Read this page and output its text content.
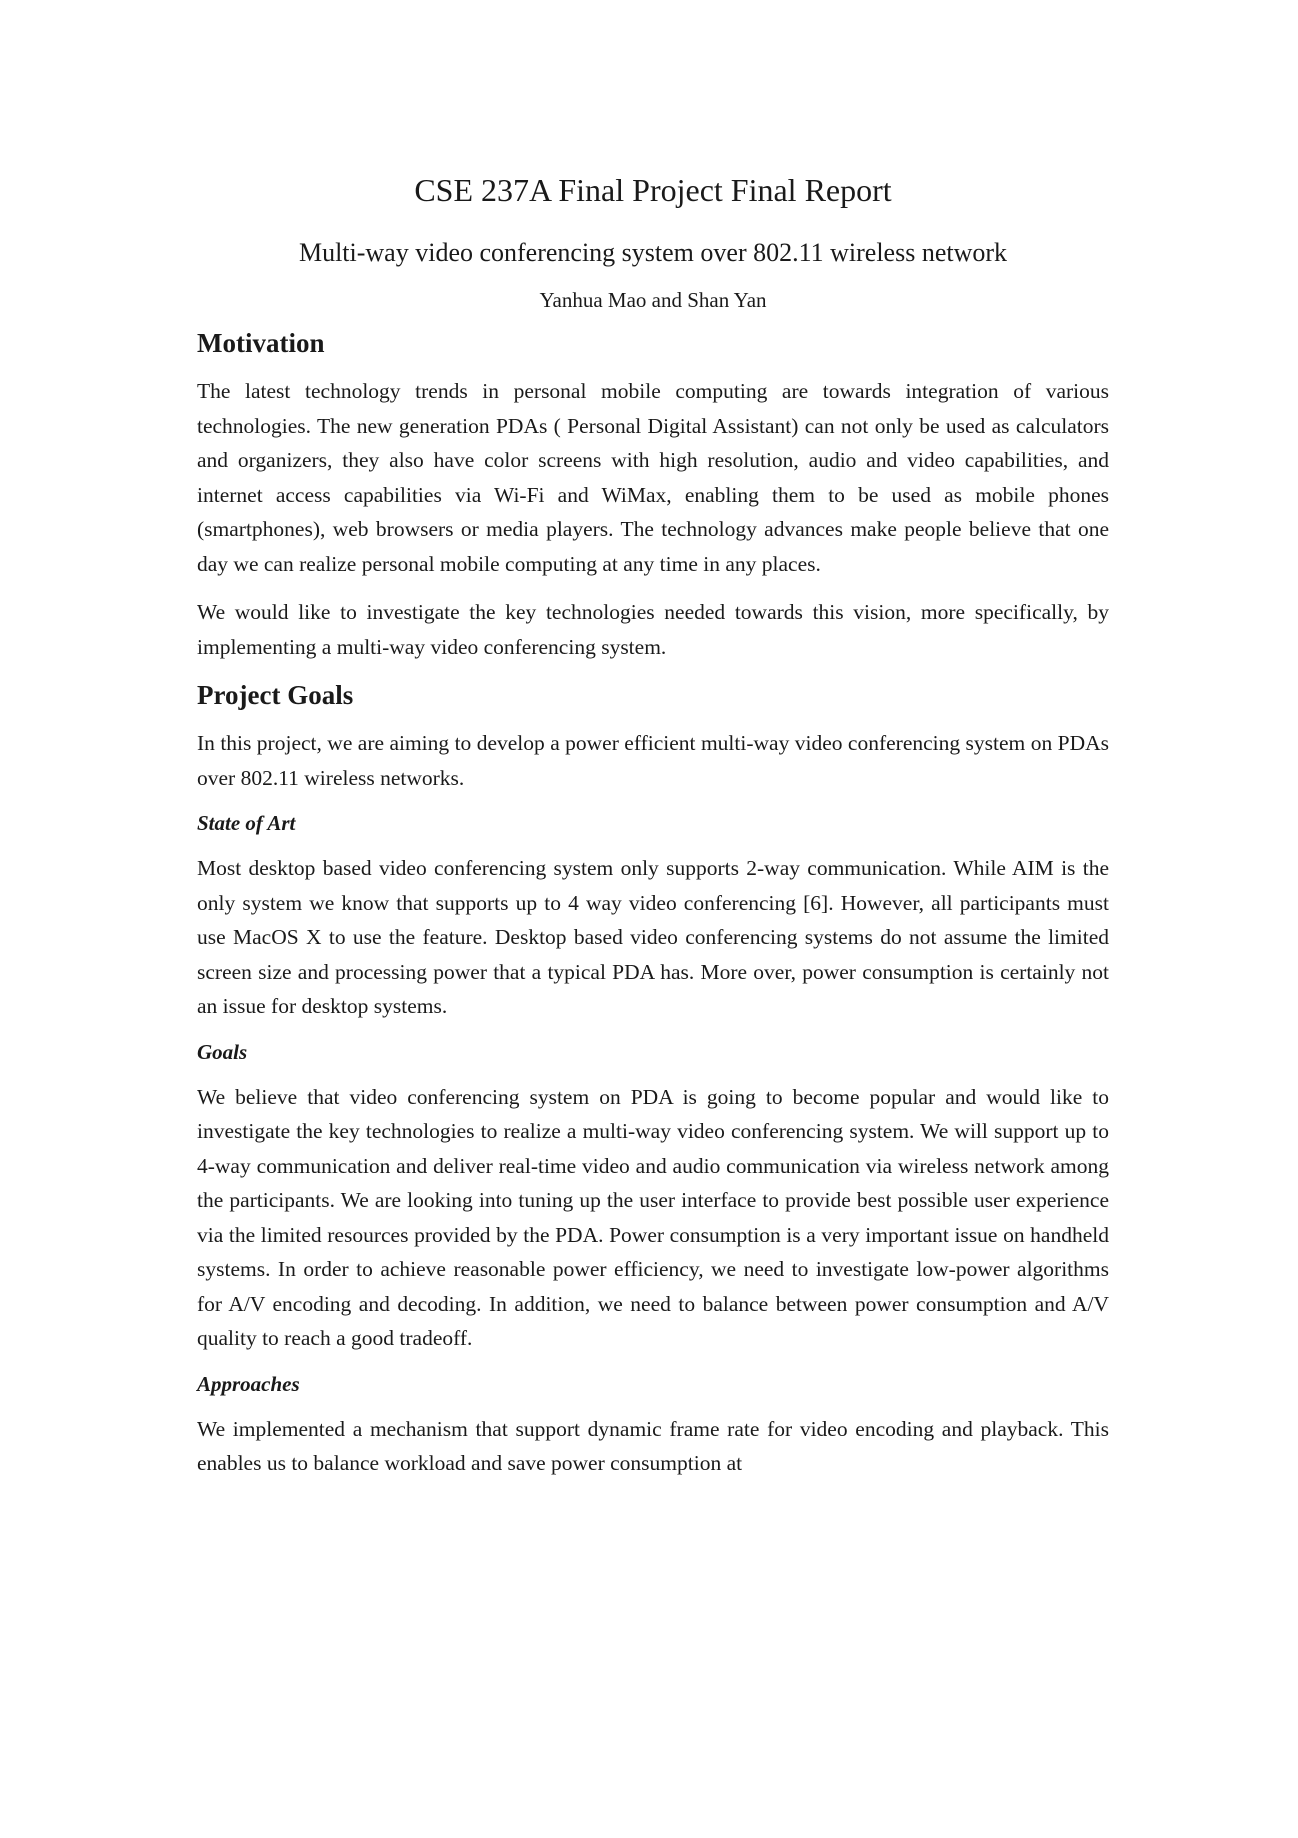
CSE 237A Final Project Final Report
Multi-way video conferencing system over 802.11 wireless network
Yanhua Mao and Shan Yan
Motivation

The latest technology trends in personal mobile computing are towards integration of various technologies. The new generation PDAs ( Personal Digital Assistant) can not only be used as calculators and organizers, they also have color screens with high resolution, audio and video capabilities, and internet access capabilities via Wi-Fi and WiMax, enabling them to be used as mobile phones (smartphones), web browsers or media players. The technology advances make people believe that one day we can realize personal mobile computing at any time in any places.

We would like to investigate the key technologies needed towards this vision, more specifically, by implementing a multi-way video conferencing system.

Project Goals

In this project, we are aiming to develop a power efficient multi-way video conferencing system on PDAs over 802.11 wireless networks.

State of Art

Most desktop based video conferencing system only supports 2-way communication. While AIM is the only system we know that supports up to 4 way video conferencing [6]. However, all participants must use MacOS X to use the feature. Desktop based video conferencing systems do not assume the limited screen size and processing power that a typical PDA has. More over, power consumption is certainly not an issue for desktop systems.

Goals

We believe that video conferencing system on PDA is going to become popular and would like to investigate the key technologies to realize a multi-way video conferencing system. We will support up to 4-way communication and deliver real-time video and audio communication via wireless network among the participants. We are looking into tuning up the user interface to provide best possible user experience via the limited resources provided by the PDA. Power consumption is a very important issue on handheld systems. In order to achieve reasonable power efficiency, we need to investigate low-power algorithms for A/V encoding and decoding. In addition, we need to balance between power consumption and A/V quality to reach a good tradeoff.

Approaches

We implemented a mechanism that support dynamic frame rate for video encoding and playback. This enables us to balance workload and save power consumption at
